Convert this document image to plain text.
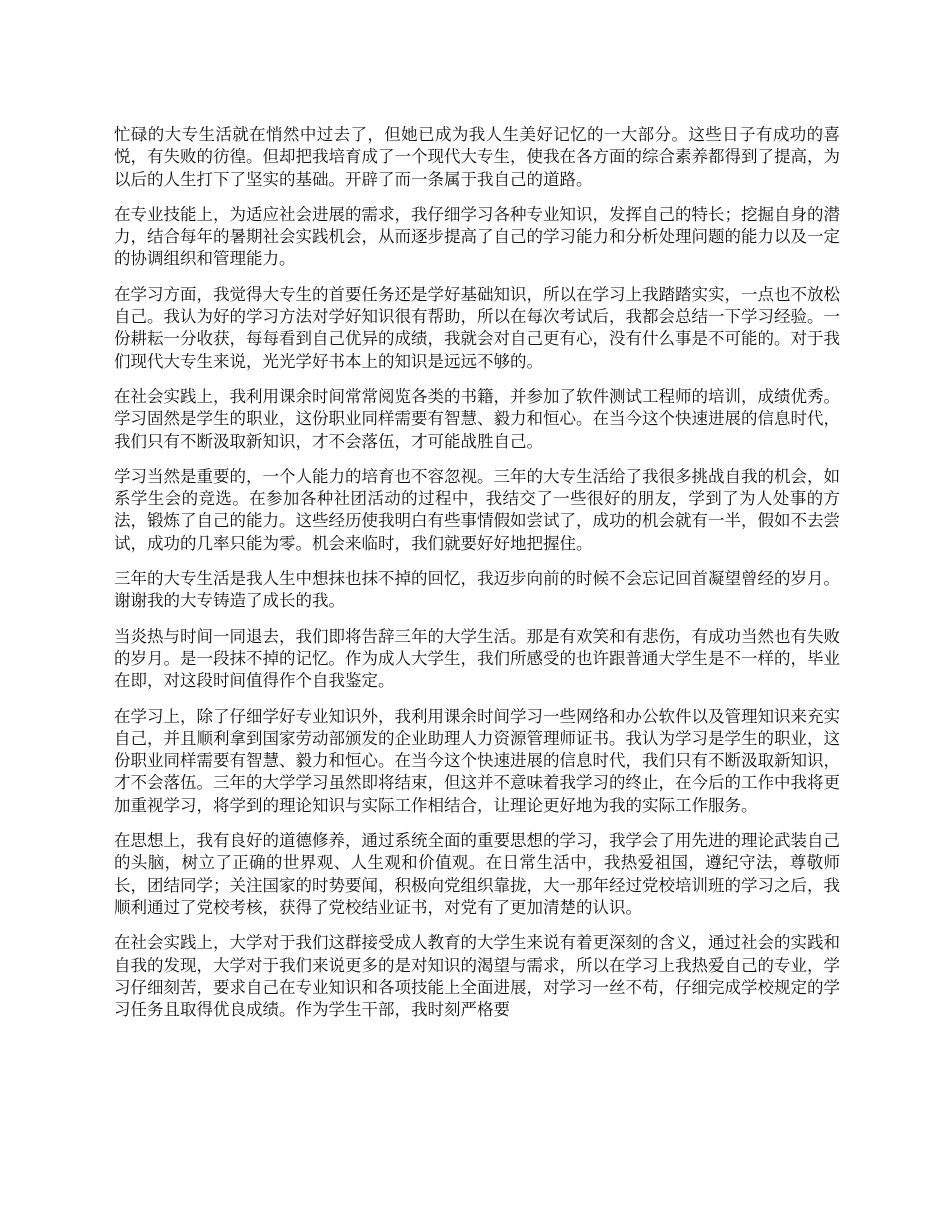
忙碌的大专生活就在悄然中过去了，但她已成为我人生美好记忆的一大部分。这些日子有成功的喜悦，有失败的彷徨。但却把我培育成了一个现代大专生，使我在各方面的综合素养都得到了提高，为以后的人生打下了坚实的基础。开辟了而一条属于我自己的道路。

在专业技能上，为适应社会进展的需求，我仔细学习各种专业知识，发挥自己的特长；挖掘自身的潜力，结合每年的暑期社会实践机会，从而逐步提高了自己的学习能力和分析处理问题的能力以及一定的协调组织和管理能力。

在学习方面，我觉得大专生的首要任务还是学好基础知识，所以在学习上我踏踏实实，一点也不放松自己。我认为好的学习方法对学好知识很有帮助，所以在每次考试后，我都会总结一下学习经验。一份耕耘一分收获，每每看到自己优异的成绩，我就会对自己更有心，没有什么事是不可能的。对于我们现代大专生来说，光光学好书本上的知识是远远不够的。

在社会实践上，我利用课余时间常常阅览各类的书籍，并参加了软件测试工程师的培训，成绩优秀。学习固然是学生的职业，这份职业同样需要有智慧、毅力和恒心。在当今这个快速进展的信息时代，我们只有不断汲取新知识，才不会落伍，才可能战胜自己。

学习当然是重要的，一个人能力的培育也不容忽视。三年的大专生活给了我很多挑战自我的机会，如系学生会的竞选。在参加各种社团活动的过程中，我结交了一些很好的朋友，学到了为人处事的方法，锻炼了自己的能力。这些经历使我明白有些事情假如尝试了，成功的机会就有一半，假如不去尝试，成功的几率只能为零。机会来临时，我们就要好好地把握住。

三年的大专生活是我人生中想抹也抹不掉的回忆，我迈步向前的时候不会忘记回首凝望曾经的岁月。谢谢我的大专铸造了成长的我。

当炎热与时间一同退去，我们即将告辞三年的大学生活。那是有欢笑和有悲伤，有成功当然也有失败的岁月。是一段抹不掉的记忆。作为成人大学生，我们所感受的也许跟普通大学生是不一样的，毕业在即，对这段时间值得作个自我鉴定。

在学习上，除了仔细学好专业知识外，我利用课余时间学习一些网络和办公软件以及管理知识来充实自己，并且顺利拿到国家劳动部颁发的企业助理人力资源管理师证书。我认为学习是学生的职业，这份职业同样需要有智慧、毅力和恒心。在当今这个快速进展的信息时代，我们只有不断汲取新知识，才不会落伍。三年的大学学习虽然即将结束，但这并不意味着我学习的终止，在今后的工作中我将更加重视学习，将学到的理论知识与实际工作相结合，让理论更好地为我的实际工作服务。

在思想上，我有良好的道德修养，通过系统全面的重要思想的学习，我学会了用先进的理论武装自己的头脑，树立了正确的世界观、人生观和价值观。在日常生活中，我热爱祖国，遵纪守法，尊敬师长，团结同学；关注国家的时势要闻，积极向党组织靠拢，大一那年经过党校培训班的学习之后，我顺利通过了党校考核，获得了党校结业证书，对党有了更加清楚的认识。

在社会实践上，大学对于我们这群接受成人教育的大学生来说有着更深刻的含义，通过社会的实践和自我的发现，大学对于我们来说更多的是对知识的渴望与需求，所以在学习上我热爱自己的专业，学习仔细刻苦，要求自己在专业知识和各项技能上全面进展，对学习一丝不苟，仔细完成学校规定的学习任务且取得优良成绩。作为学生干部，我时刻严格要
